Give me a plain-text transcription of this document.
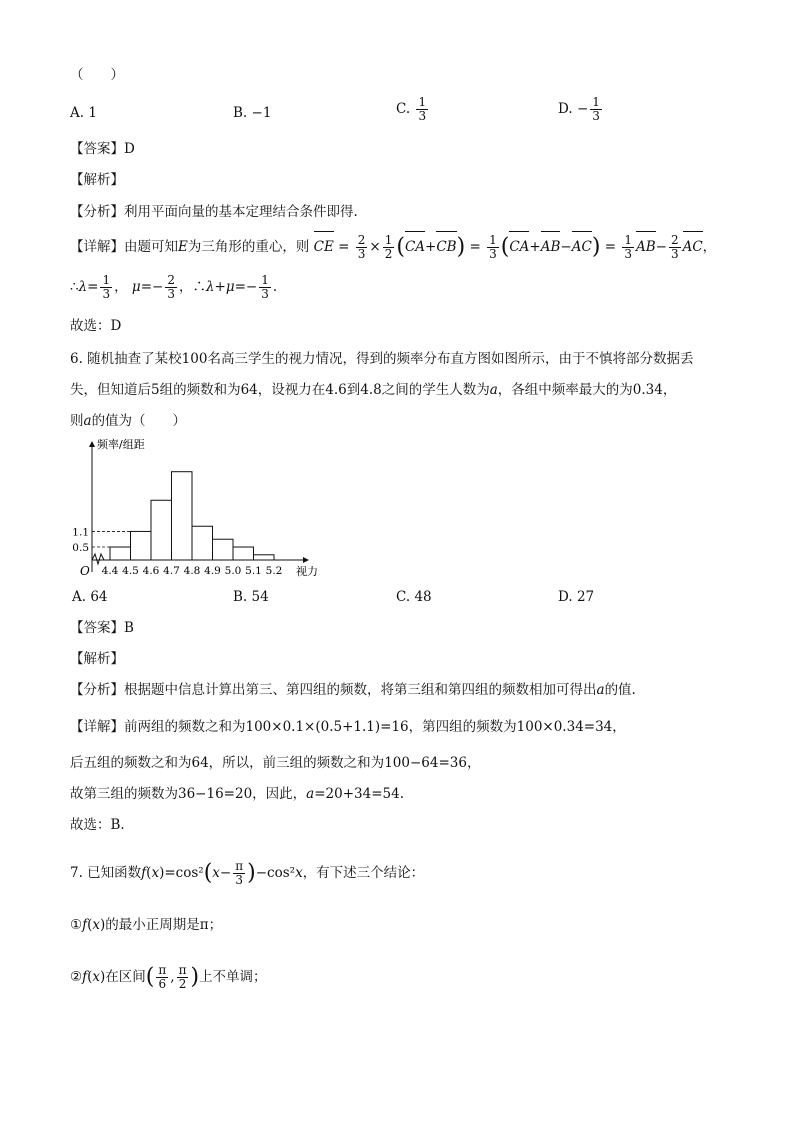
（　　）
A. 1	B. −1	C. $\frac{1}{3}$	D. − $\frac{1}{3}$
【答案】D
【解析】
【分析】利用平面向量的基本定理结合条件即得.
【详解】由题可知E为三角形的重心，则 CE = $\frac{2}{3} \times \frac{1}{2} (CA+CB) = \frac{1}{3} (CA+AB-AC) = \frac{1}{3} AB- \frac{2}{3}$ AC，
∴λ= $\frac{1}{3}$ ， $\mu=- \frac{2}{3}$ ，∴λ+μ=− $\frac{1}{3}$ .
故选：D
6. 随机抽查了某校100名高三学生的视力情况，得到的频率分布直方图如图所示，由于不慎将部分数据丢
失，但知道后5组的频数和为64，设视力在4.6到4.8之间的学生人数为a，各组中频率最大的为0.34，
则a的值为（　　）
4.4 4.5 4.6 4.7 4.8 4.9 5.0 5.1 5.2
1.1
0.5
频率/组距
视力
O
A. 64	B. 54	C. 48	D. 27
【答案】B
【解析】
【分析】根据题中信息计算出第三、第四组的频数，将第三组和第四组的频数相加可得出a的值.
【详解】前两组的频数之和为100×0.1×(0.5+1.1)=16，第四组的频数为100×0.34=34，
后五组的频数之和为64，所以，前三组的频数之和为100−64=36，
故第三组的频数为36−16=20，因此，a=20+34=54.
故选：B.
7. 已知函数$f(x)=\cos^2(x- \frac{\pi}{3} )-\cos^2x$，有下述三个结论：
①f(x)的最小正周期是π；
②f(x)在区间( $\frac{\pi}{6}$ , $\frac{\pi}{2}$ )上不单调；
